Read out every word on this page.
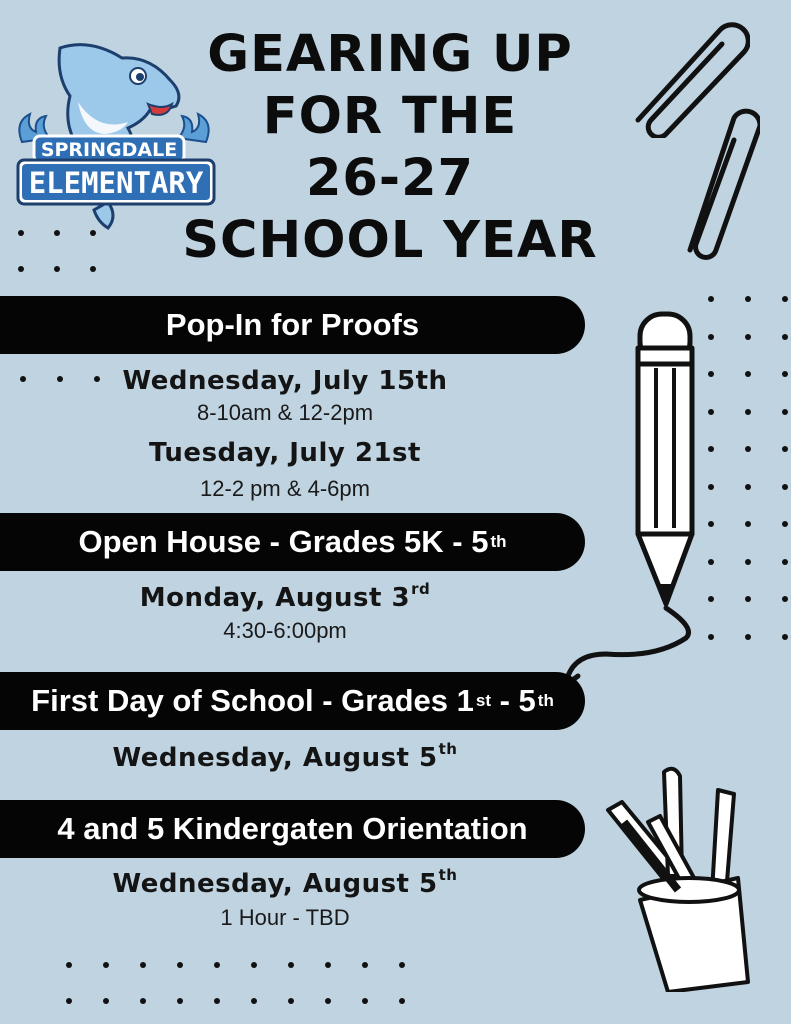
SPRINGDALE
ELEMENTARY
GEARING UP
FOR THE
26-27
SCHOOL YEAR
Pop-In for Proofs
Wednesday, July 15th
8-10am & 12-2pm
Tuesday, July 21st
12-2 pm & 4-6pm
Open House - Grades 5K - 5 th
Monday, August 3rd
4:30-6:00pm
First Day of School - Grades 1 st - 5 th
Wednesday, August 5th
4 and 5 Kindergaten Orientation
Wednesday, August 5th
1 Hour - TBD
